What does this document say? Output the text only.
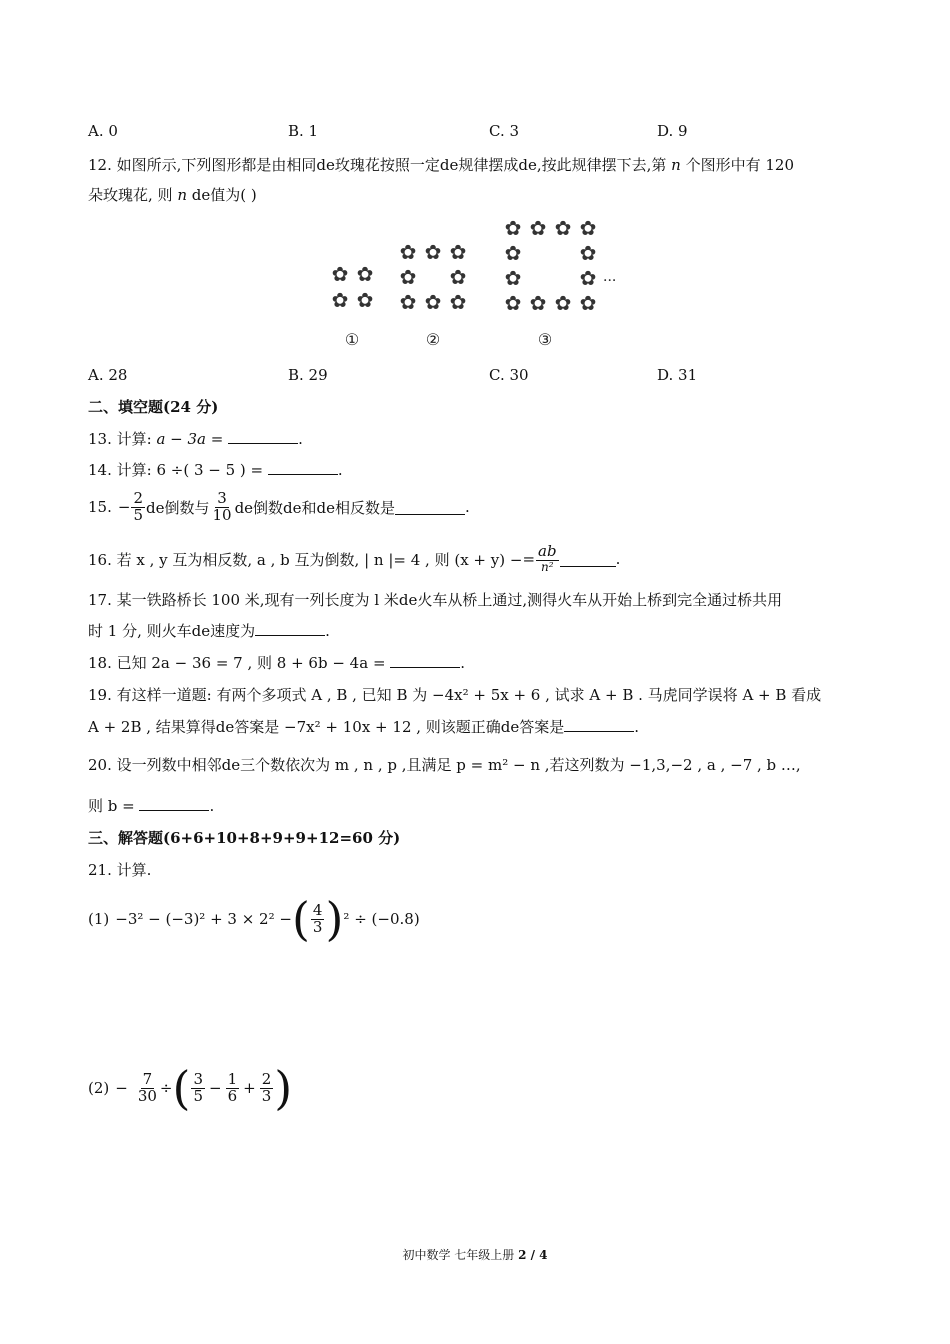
A. 0	B. 1	C. 3	D. 9
12. 如图所示,下列图形都是由相同de玫瑰花按照一定de规律摆成de,按此规律摆下去,第 n 个图形中有 120
朵玫瑰花, 则 n de值为( )
✿ ✿
✿ ✿
✿ ✿ ✿
✿ ✿
✿ ✿ ✿
✿ ✿ ✿ ✿
✿	✿
✿	✿
✿ ✿ ✿ ✿
···
①	②	③
A. 28	B. 29	C. 30	D. 31
二、填空题(24 分)
13. 计算: a − 3a =	.
14. 计算: 6 ÷( 3 − 5 ) =	.
15. − $\frac{2}{5}$ de倒数与 $\frac{3}{10}$ de倒数de和de相反数是	.
16. 若 x , y 互为相反数, a , b 互为倒数, | n |= 4 , 则 (x + y) − = $\frac{ab}{\text{n²}}$	.
17. 某一铁路桥长 100 米,现有一列长度为 l 米de火车从桥上通过,测得火车从开始上桥到完全通过桥共用
时 1 分, 则火车de速度为	.
18. 已知 2a − 36 = 7 , 则 8 + 6b − 4a =	.
19. 有这样一道题: 有两个多项式 A , B , 已知 B 为 −4x² + 5x + 6 , 试求 A + B . 马虎同学误将 A + B 看成
A + 2B , 结果算得de答案是 −7x² + 10x + 12 , 则该题正确de答案是	.
20. 设一列数中相邻de三个数依次为 m , n , p ,且满足 p = m² − n ,若这列数为 −1,3,−2 , a , −7 , b …,
则 b =	.
三、解答题(6+6+10+8+9+9+12=60 分)
21. 计算.
(1) −3² − (−3)² + 3 × 2² − ( $\frac{4}{3}$ ) ² ÷ (−0.8)
$(2) - \frac{7}{30}$ ÷ ( $\frac{3}{5} - \frac{1}{6} + \frac{2}{3}$ )
初中数学 七年级上册 2 / 4
